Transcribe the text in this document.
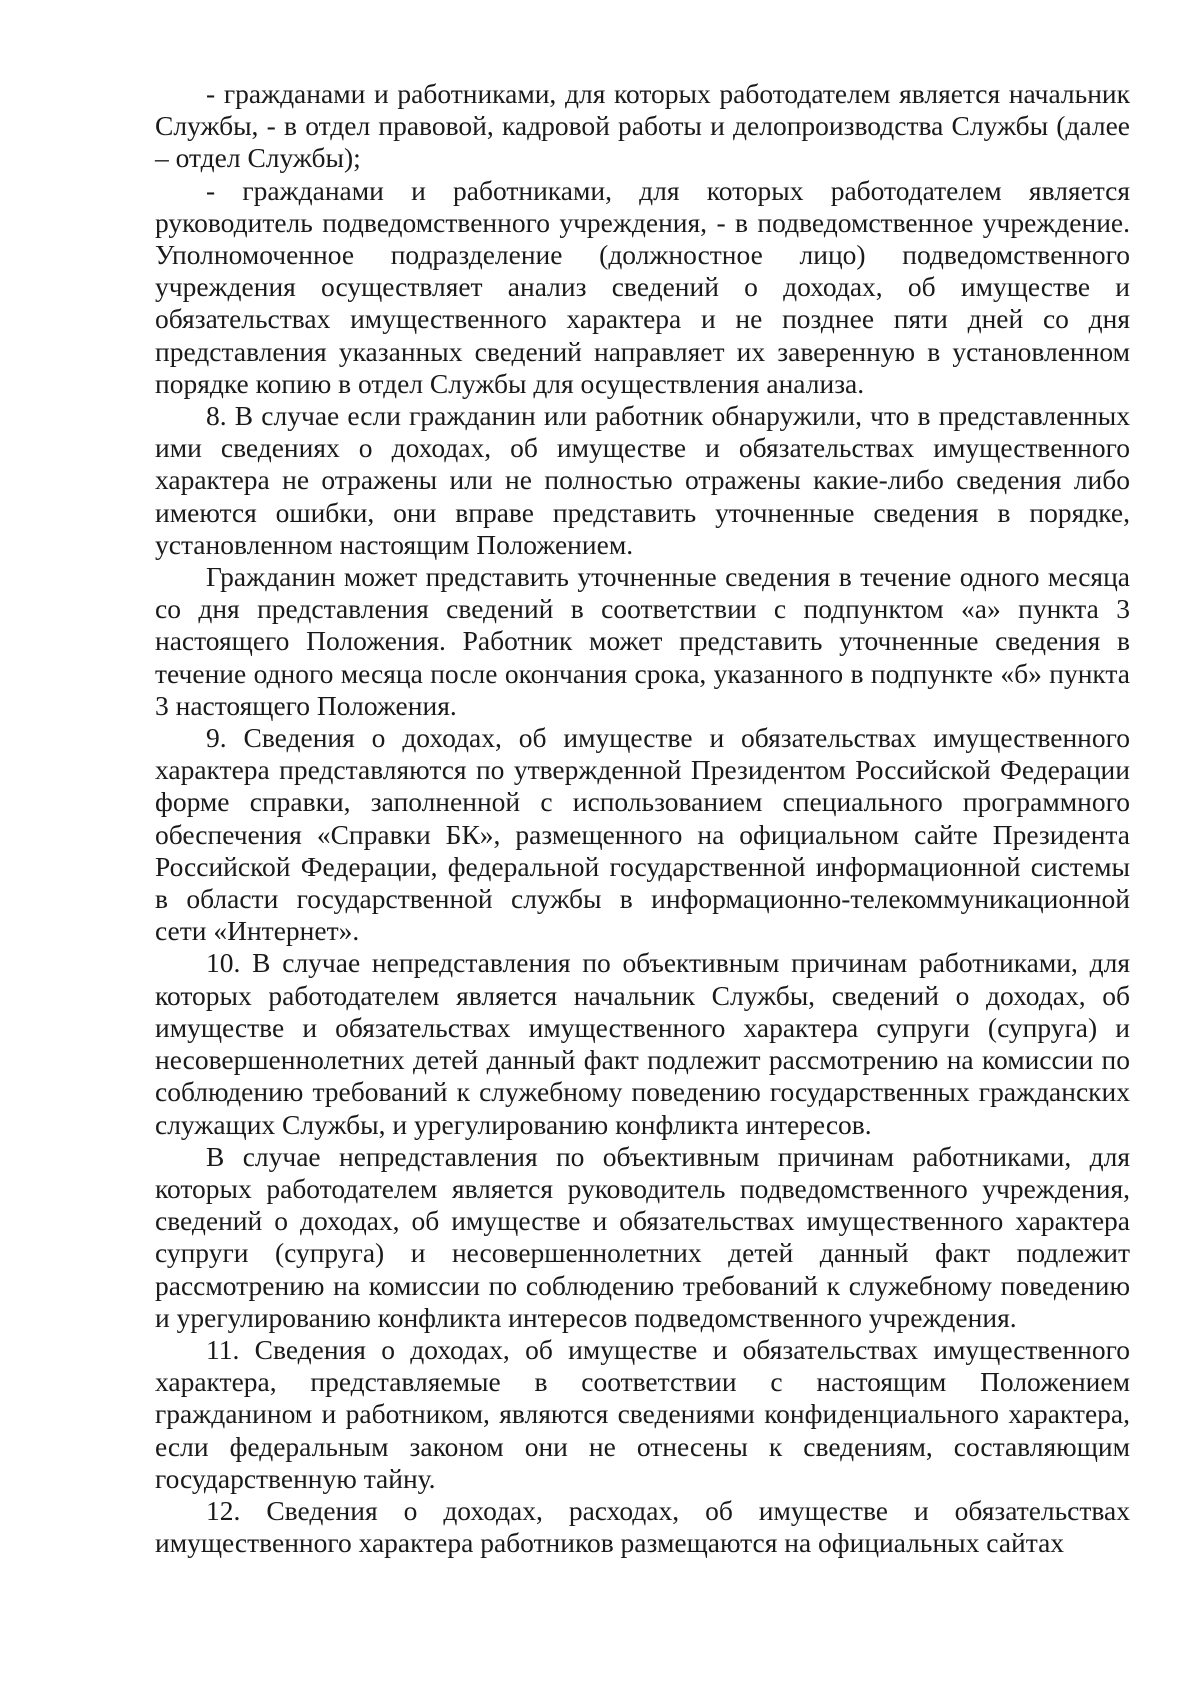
- гражданами и работниками, для которых работодателем является начальник Службы, - в отдел правовой, кадровой работы и делопроизводства Службы (далее – отдел Службы);

- гражданами и работниками, для которых работодателем является руководитель подведомственного учреждения, - в подведомственное учреждение. Уполномоченное подразделение (должностное лицо) подведомственного учреждения осуществляет анализ сведений о доходах, об имуществе и обязательствах имущественного характера и не позднее пяти дней со дня представления указанных сведений направляет их заверенную в установленном порядке копию в отдел Службы для осуществления анализа.

8. В случае если гражданин или работник обнаружили, что в представленных ими сведениях о доходах, об имуществе и обязательствах имущественного характера не отражены или не полностью отражены какие-либо сведения либо имеются ошибки, они вправе представить уточненные сведения в порядке, установленном настоящим Положением.

Гражданин может представить уточненные сведения в течение одного месяца со дня представления сведений в соответствии с подпунктом «а» пункта 3 настоящего Положения. Работник может представить уточненные сведения в течение одного месяца после окончания срока, указанного в подпункте «б» пункта 3 настоящего Положения.

9. Сведения о доходах, об имуществе и обязательствах имущественного характера представляются по утвержденной Президентом Российской Федерации форме справки, заполненной с использованием специального программного обеспечения «Справки БК», размещенного на официальном сайте Президента Российской Федерации, федеральной государственной информационной системы в области государственной службы в информационно-телекоммуникационной сети «Интернет».

10. В случае непредставления по объективным причинам работниками, для которых работодателем является начальник Службы, сведений о доходах, об имуществе и обязательствах имущественного характера супруги (супруга) и несовершеннолетних детей данный факт подлежит рассмотрению на комиссии по соблюдению требований к служебному поведению государственных гражданских служащих Службы, и урегулированию конфликта интересов.

В случае непредставления по объективным причинам работниками, для которых работодателем является руководитель подведомственного учреждения, сведений о доходах, об имуществе и обязательствах имущественного характера супруги (супруга) и несовершеннолетних детей данный факт подлежит рассмотрению на комиссии по соблюдению требований к служебному поведению и урегулированию конфликта интересов подведомственного учреждения.

11. Сведения о доходах, об имуществе и обязательствах имущественного характера, представляемые в соответствии с настоящим Положением гражданином и работником, являются сведениями конфиденциального характера, если федеральным законом они не отнесены к сведениям, составляющим государственную тайну.

12. Сведения о доходах, расходах, об имуществе и обязательствах имущественного характера работников размещаются на официальных сайтах
